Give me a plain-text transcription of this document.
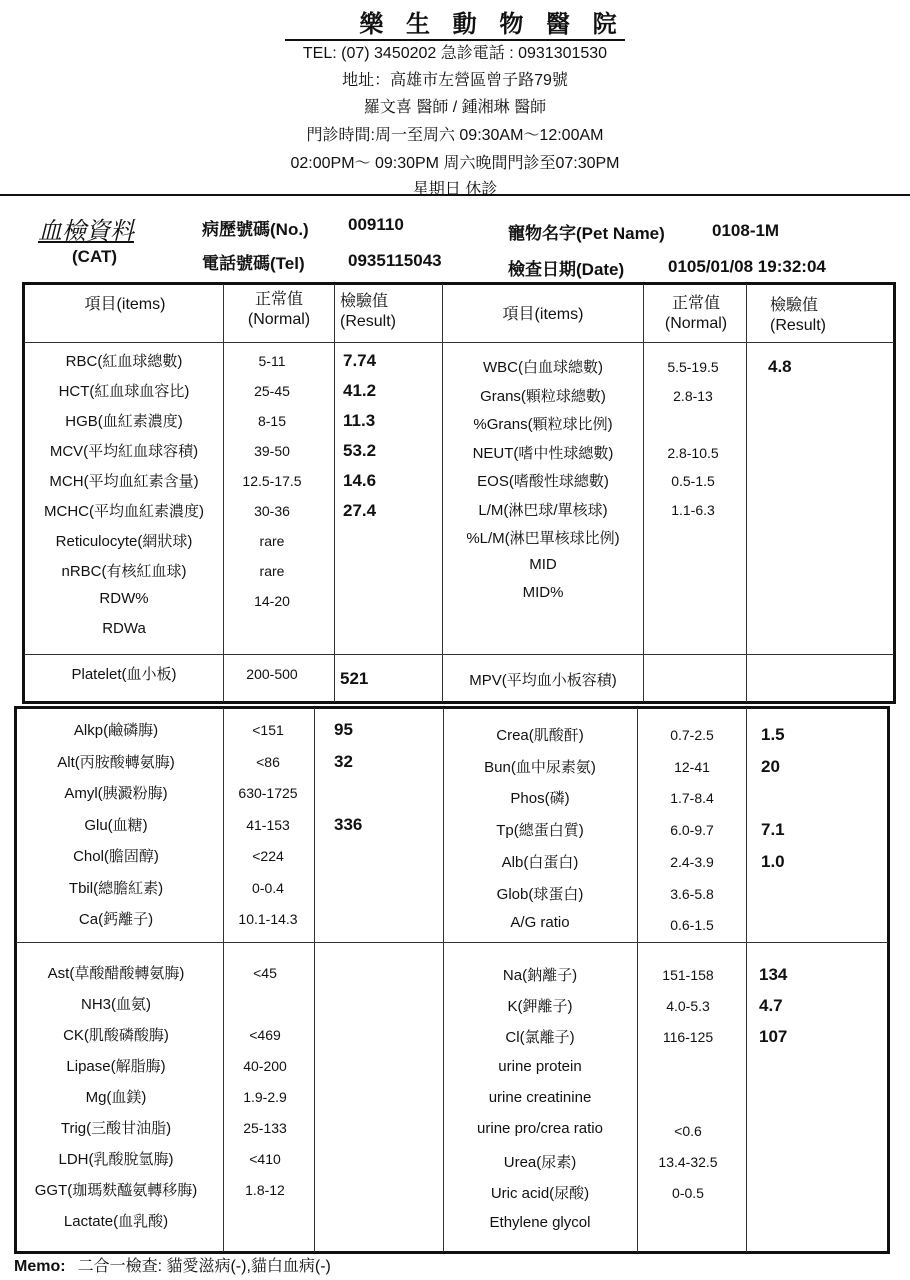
樂 生 動 物 醫 院
TEL: (07) 3450202 急診電話 : 0931301530
地址：高雄市左營區曾子路79號
羅文喜 醫師 / 鍾湘琳 醫師
門診時間:周一至周六 09:30AM～12:00AM
02:00PM～ 09:30PM 周六晚間門診至07:30PM
星期日 休診
血檢資料
(CAT)
病歷號碼(No.) 009110	寵物名字(Pet Name)	0108-1M
電話號碼(Tel)	0935115043	檢查日期(Date)	0105/01/08 19:32:04
項目(items)	正常值
(Normal)
檢驗值
(Result)	項目(items)
正常值
(Normal)
檢驗值
(Result)
RBC(紅血球總數)	5-11	7.74
HCT(紅血球血容比)	25-45	41.2
HGB(血紅素濃度)	8-15	11.3
MCV(平均紅血球容積)	39-50	53.2
MCH(平均血紅素含量)	12.5-17.5 14.6
MCHC(平均血紅素濃度)	30-36	27.4
Reticulocyte(網狀球)	rare
nRBC(有核紅血球)	rare
RDW%	14-20
RDWa
WBC(白血球總數)	5.5-19.5	4.8
Grans(顆粒球總數)	2.8-13
%Grans(顆粒球比例)
NEUT(嗜中性球總數)	2.8-10.5
EOS(嗜酸性球總數)	0.5-1.5
L/M(淋巴球/單核球)	1.1-6.3
%L/M(淋巴單核球比例)
MID
MID%
Platelet(血小板)	200-500 521	MPV(平均血小板容積)
Alkp(鹼磷脢)	<151	95
Alt(丙胺酸轉氨脢)	<86	32
Amyl(胰澱粉脢)	630-1725
Glu(血糖)	41-153	336
Chol(膽固醇)	<224
Tbil(總膽紅素)	0-0.4
Ca(鈣離子)	10.1-14.3
Crea(肌酸酐)	0.7-2.5	1.5
Bun(血中尿素氨)	12-41	20
Phos(磷)	1.7-8.4
Tp(總蛋白質)	6.0-9.7	7.1
Alb(白蛋白)	2.4-3.9	1.0
Glob(球蛋白)	3.6-5.8
A/G ratio	0.6-1.5
Ast(草酸醋酸轉氨脢)	<45
NH3(血氨)
CK(肌酸磷酸脢)	<469
Lipase(解脂脢)	40-200
Mg(血鎂)	1.9-2.9
Trig(三酸甘油脂)	25-133
LDH(乳酸脫氫脢)	<410
GGT(珈瑪麩醯氨轉移脢)	1.8-12
Lactate(血乳酸)
Na(鈉離子)	151-158	134
K(鉀離子)	4.0-5.3	4.7
Cl(氯離子)	116-125	107
urine protein
urine creatinine
urine pro/crea ratio	<0.6
Urea(尿素)	13.4-32.5
Uric acid(尿酸)	0-0.5
Ethylene glycol
Memo: 二合一檢查: 貓愛滋病(-),貓白血病(-)
